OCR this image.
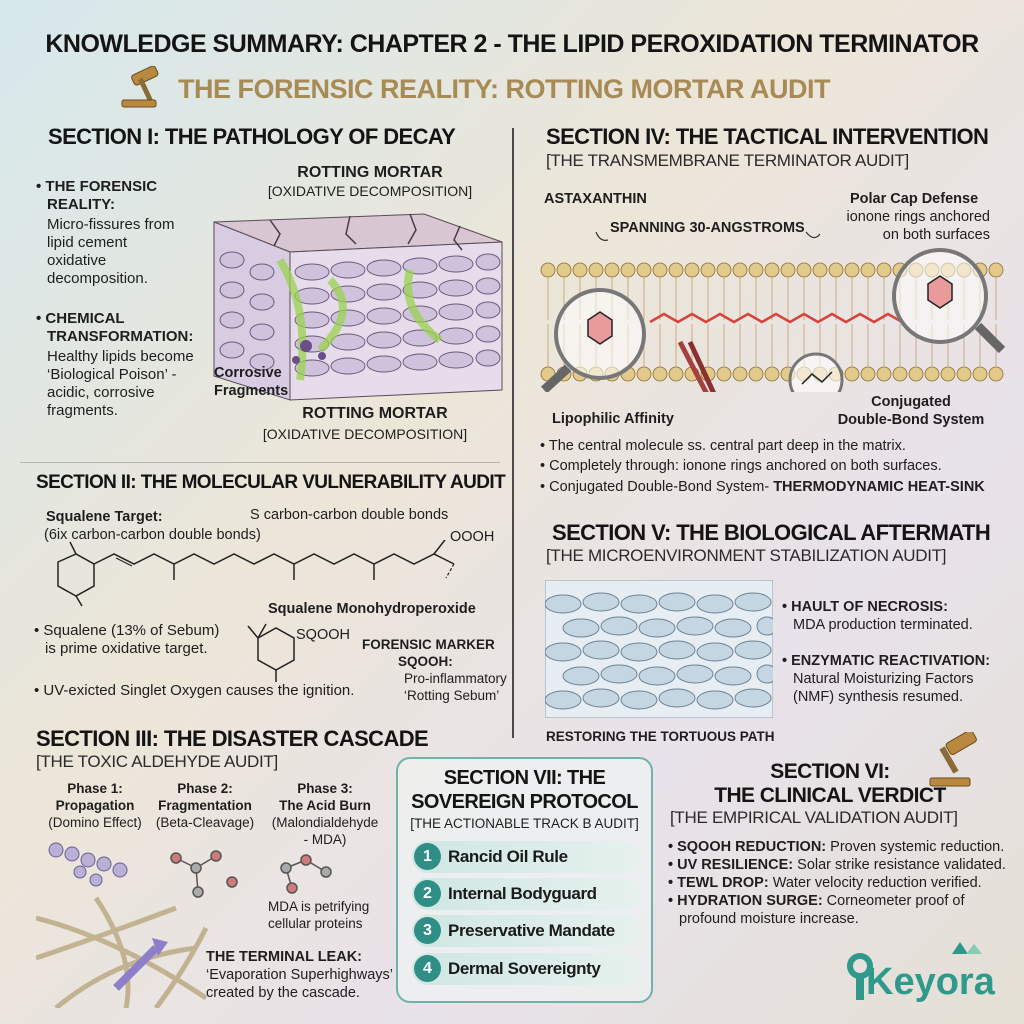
KNOWLEDGE SUMMARY: CHAPTER 2 - THE LIPID PEROXIDATION TERMINATOR
THE FORENSIC REALITY: ROTTING MORTAR AUDIT
SECTION I: THE PATHOLOGY OF DECAY
• THE FORENSIC
REALITY:
Micro-fissures from
lipid cement
oxidative
decomposition.
• CHEMICAL
TRANSFORMATION:
Healthy lipids become
‘Biological Poison’ -
acidic, corrosive
fragments.
ROTTING MORTAR
[OXIDATIVE DECOMPOSITION]
Corrosive
Fragments
ROTTING MORTAR
[OXIDATIVE DECOMPOSITION]
SECTION II: THE MOLECULAR VULNERABILITY AUDIT
Squalene Target:
(6ix carbon-carbon double bonds)
S carbon-carbon double bonds
OOOH
Squalene Monohydroperoxide
• Squalene (13% of Sebum)
is prime oxidative target.
SQOOH
FORENSIC MARKER
SQOOH:
Pro-inflammatory
‘Rotting Sebum’
• UV-exicted Singlet Oxygen causes the ignition.
SECTION III: THE DISASTER CASCADE
[THE TOXIC ALDEHYDE AUDIT]
Phase 1:
Propagation
(Domino Effect)
Phase 2:
Fragmentation
(Beta-Cleavage)
Phase 3:
The Acid Burn
(Malondialdehyde
- MDA)
MDA is petrifying
cellular proteins
THE TERMINAL LEAK:
‘Evaporation Superhighways’
created by the cascade.
SECTION VII: THE
SOVEREIGN PROTOCOL
[THE ACTIONABLE TRACK B AUDIT]
1 Rancid Oil Rule
2 Internal Bodyguard
3 Preservative Mandate
4 Dermal Sovereignty
SECTION IV: THE TACTICAL INTERVENTION
[THE TRANSMEMBRANE TERMINATOR AUDIT]
ASTAXANTHIN	Polar Cap Defense
ionone rings anchored
on both surfaces
SPANNING 30-ANGSTROMS
Lipophilic Affinity
Conjugated
Double-Bond System
• The central molecule ss. central part deep in the matrix.
• Completely through: ionone rings anchored on both surfaces.
• Conjugated Double-Bond System- THERMODYNAMIC HEAT-SINK
SECTION V: THE BIOLOGICAL AFTERMATH
[THE MICROENVIRONMENT STABILIZATION AUDIT]
RESTORING THE TORTUOUS PATH
• HAULT OF NECROSIS:
MDA production terminated.
• ENZYMATIC REACTIVATION:
Natural Moisturizing Factors
(NMF) synthesis resumed.
SECTION VI:
THE CLINICAL VERDICT
[THE EMPIRICAL VALIDATION AUDIT]
• SQOOH REDUCTION: Proven systemic reduction.
• UV RESILIENCE: Solar strike resistance validated.
• TEWL DROP: Water velocity reduction verified.
• HYDRATION SURGE: Corneometer proof of
profound moisture increase.
Keyora
